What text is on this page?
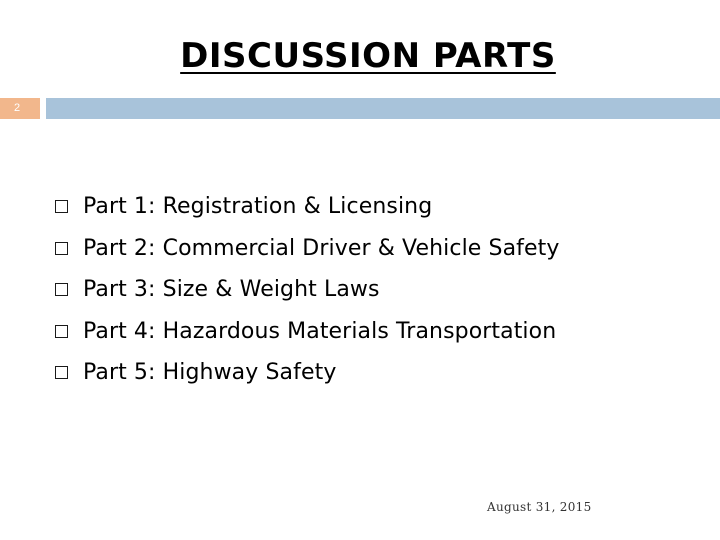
DISCUSSION PARTS
2
Part 1: Registration & Licensing
Part 2: Commercial Driver & Vehicle Safety
Part 3: Size & Weight Laws
Part 4: Hazardous Materials Transportation
Part 5: Highway Safety
August 31, 2015
